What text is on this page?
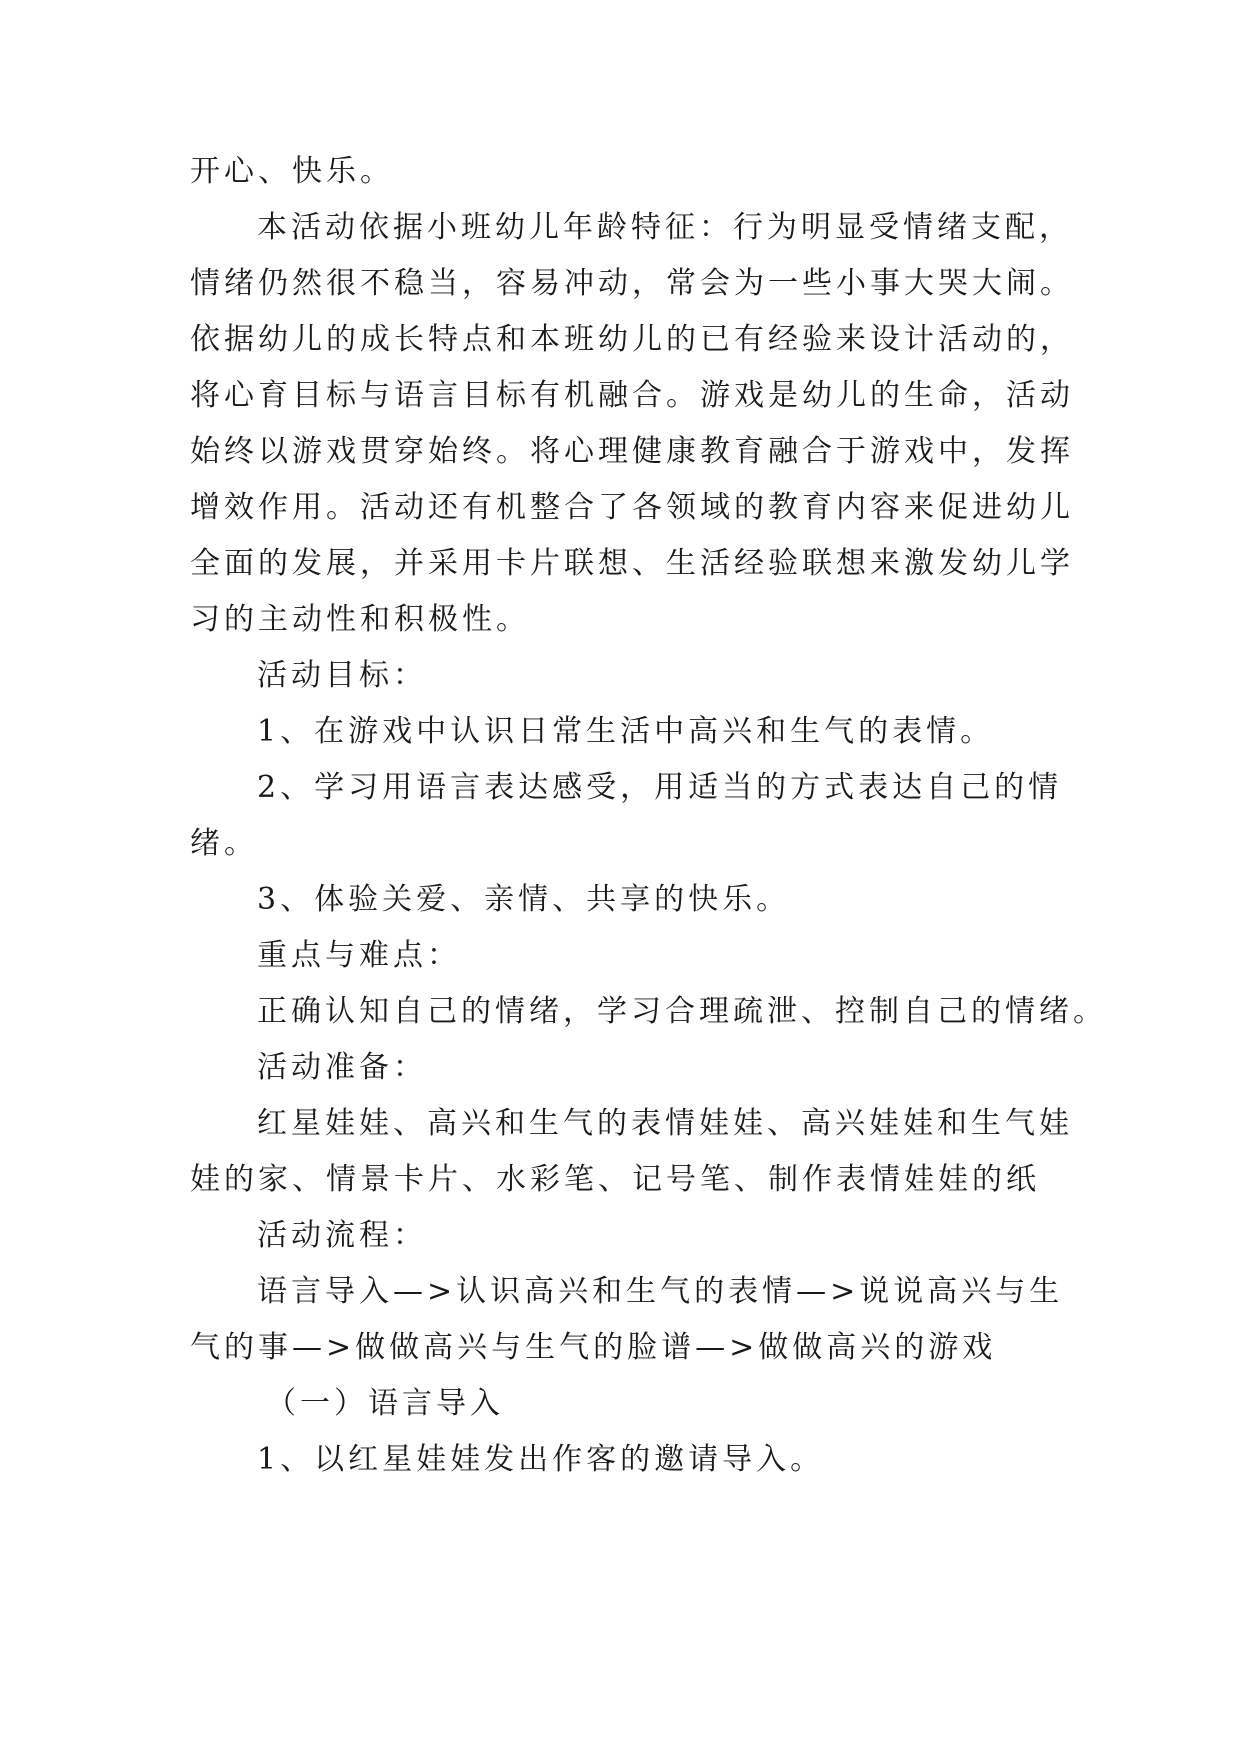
开心、快乐。
本活动依据小班幼儿年龄特征：行为明显受情绪支配，
情绪仍然很不稳当，容易冲动，常会为一些小事大哭大闹。
依据幼儿的成长特点和本班幼儿的已有经验来设计活动的，
将心育目标与语言目标有机融合。游戏是幼儿的生命，活动
始终以游戏贯穿始终。将心理健康教育融合于游戏中，发挥
增效作用。活动还有机整合了各领域的教育内容来促进幼儿
全面的发展，并采用卡片联想、生活经验联想来激发幼儿学
习的主动性和积极性。
活动目标：
1、在游戏中认识日常生活中高兴和生气的表情。
2、学习用语言表达感受，用适当的方式表达自己的情
绪。
3、体验关爱、亲情、共享的快乐。
重点与难点：
正确认知自己的情绪，学习合理疏泄、控制自己的情绪。
活动准备：
红星娃娃、高兴和生气的表情娃娃、高兴娃娃和生气娃
娃的家、情景卡片、水彩笔、记号笔、制作表情娃娃的纸
活动流程：
语言导入—>认识高兴和生气的表情—>说说高兴与生
气的事—>做做高兴与生气的脸谱—>做做高兴的游戏
（一）语言导入
1、以红星娃娃发出作客的邀请导入。
